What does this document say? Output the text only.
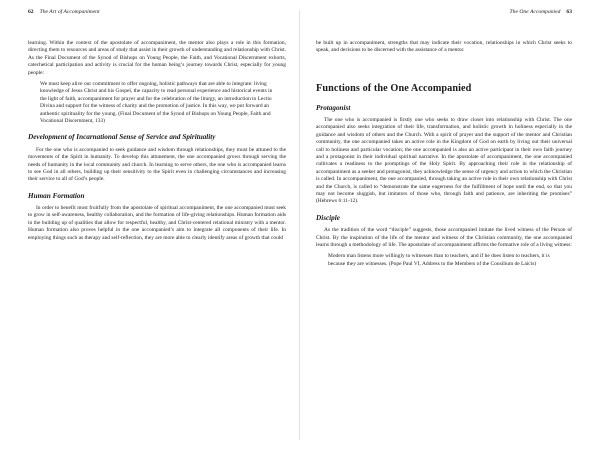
62 The Art of Accompaniment

learning. Within the context of the apostolate of accompaniment, the mentor also plays a role in this formation, directing them to resources and areas of study that assist in their growth of understanding and relationship with Christ. As the Final Document of the Synod of Bishops on Young People, the Faith, and Vocational Discernment exhorts, catechetical participation and activity is crucial for the human being’s journey towards Christ, especially for young people:

We must keep alive our commitment to offer ongoing, holistic pathways that are able to integrate: living knowledge of Jesus Christ and his Gospel, the capacity to read personal experience and historical events in the light of faith, accompaniment for prayer and for the celebration of the liturgy, an introduction to Lectio Divina and support for the witness of charity and the promotion of justice. In this way, we put forward an authentic spirituality for the young. (Final Document of the Synod of Bishops on Young People, Faith and Vocational Discernment, 133)

Development of Incarnational Sense of Service and Spirituality

For the one who is accompanied to seek guidance and wisdom through relationships, they must be attuned to the movements of the Spirit in humanity. To develop this attunement, the one accompanied grows through serving the needs of humanity in the local community and church. In learning to serve others, the one who is accompanied learns to see God in all others, building up their sensitivity to the Spirit even in challenging circumstances and increasing their service to all of God’s people.

Human Formation

In order to benefit most fruitfully from the apostolate of spiritual accompaniment, the one accompanied must seek to grow in self-awareness, healthy collaboration, and the formation of life-giving relationships. Human formation aids in the building up of qualities that allow for respectful, healthy, and Christ-centered relational ministry with a mentor. Human formation also proves helpful in the one accompanied’s aim to integrate all components of their life. In employing things such as therapy and self-reflection, they are more able to clearly identify areas of growth that could

The One Accompanied 63

be built up in accompaniment, strengths that may indicate their vocation, relationships in which Christ seeks to speak, and decisions to be discerned with the assistance of a mentor.

Functions of the One Accompanied
Protagonist

The one who is accompanied is firstly one who seeks to draw closer into relationship with Christ. The one accompanied also seeks integration of their life, transformation, and holistic growth in holiness especially in the guidance and wisdom of others and the Church. With a spirit of prayer and the support of the mentor and Christian community, the one accompanied takes an active role in the Kingdom of God on earth by living out their universal call to holiness and particular vocation; the one accompanied is also an active participant in their own faith journey and a protagonist in their individual spiritual narrative. In the apostolate of accompaniment, the one accompanied cultivates a readiness to the promptings of the Holy Spirit. By approaching their role in the relationship of accompaniment as a seeker and protagonist, they acknowledge the sense of urgency and action to which the Christian is called. In accompaniment, the one accompanied, through taking an active role in their own relationship with Christ and the Church, is called to “demonstrate the same eagerness for the fulfillment of hope until the end, so that you may not become sluggish, but imitators of those who, through faith and patience, are inheriting the promises” (Hebrews 6:11-12).

Disciple

As the tradition of the word “disciple” suggests, those accompanied imitate the lived witness of the Person of Christ. By the inspiration of the life of the mentor and witness of the Christian community, the one accompanied learns through a methodology of life. The apostolate of accompaniment affirms the formative role of a living witness:

Modern man listens more willingly to witnesses than to teachers, and if he does listen to teachers, it is because they are witnesses. (Pope Paul VI, Address to the Members of the Consilium de Laicis)
